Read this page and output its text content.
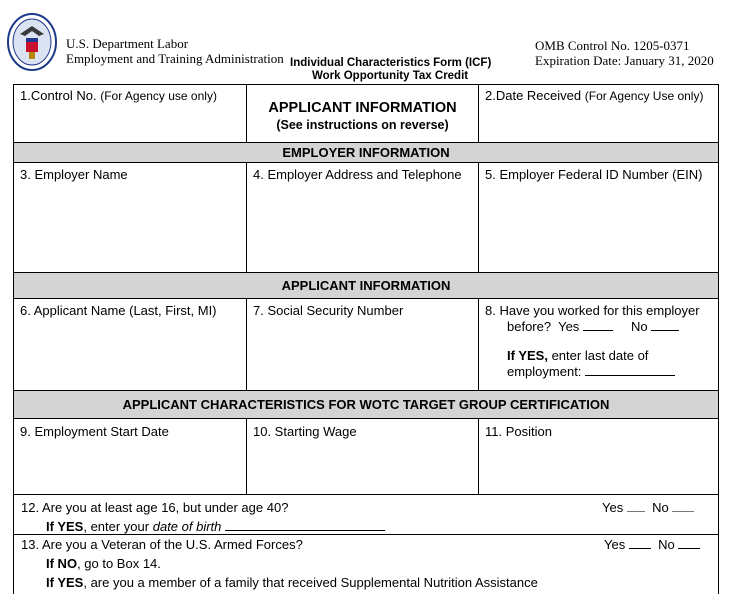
U.S. Department Labor
Employment and Training Administration Individual Characteristics Form (ICF)
Work Opportunity Tax Credit
OMB Control No. 1205-0371
Expiration Date: January 31, 2020
1.Control No. (For Agency use only)
APPLICANT INFORMATION
(See instructions on reverse)
2.Date Received (For Agency Use only)
EMPLOYER INFORMATION
3. Employer Name	4. Employer Address and Telephone	5. Employer Federal ID Number (EIN)
APPLICANT INFORMATION
6. Applicant Name (Last, First, MI)	7. Social Security Number	8. Have you worked for this employer
before? Yes	No
If YES, enter last date of
employment:
APPLICANT CHARACTERISTICS FOR WOTC TARGET GROUP CERTIFICATION
9. Employment Start Date	10. Starting Wage	11. Position
12. Are you at least age 16, but under age 40?
If YES, enter your date of birth
Yes No
13. Are you a Veteran of the U.S. Armed Forces?
If NO, go to Box 14.
If YES, are you a member of a family that received Supplemental Nutrition Assistance
Yes	No
